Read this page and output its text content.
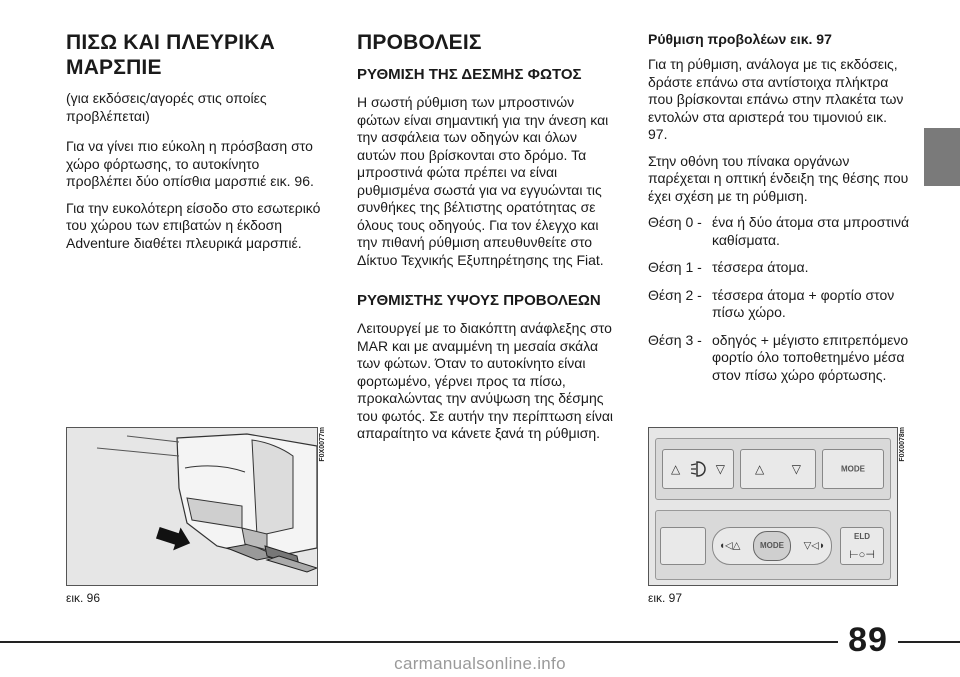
ΠΙΣΩ ΚΑΙ ΠΛΕΥΡΙΚΑ ΜΑΡΣΠΙΕ

(για εκδόσεις/αγορές στις οποίες προβλέπεται)

Για να γίνει πιο εύκολη η πρόσβαση στο χώρο φόρτωσης, το αυτοκίνητο προβλέπει δύο οπίσθια μαρσπιέ εικ. 96.

Για την ευκολότερη είσοδο στο εσωτερικό του χώρου των επιβατών η έκδοση Adventure διαθέτει πλευρικά μαρσπιέ.

ΠΡΟΒΟΛΕΙΣ
ΡΥΘΜΙΣΗ ΤΗΣ ΔΕΣΜΗΣ ΦΩΤΟΣ

Η σωστή ρύθμιση των μπροστινών φώτων είναι σημαντική για την άνεση και την ασφάλεια των οδηγών και όλων αυτών που βρίσκονται στο δρόμο. Τα μπροστινά φώτα πρέπει να είναι ρυθμισμένα σωστά για να εγγυώνται τις συνθήκες της βέλτιστης ορατότητας σε όλους τους οδηγούς. Για τον έλεγχο και την πιθανή ρύθμιση απευθυνθείτε στο Δίκτυο Τεχνικής Εξυπηρέτησης της Fiat.

ΡΥΘΜΙΣΤΗΣ ΥΨΟΥΣ ΠΡΟΒΟΛΕΩΝ

Λειτουργεί με το διακόπτη ανάφλεξης στο MAR και με αναμμένη τη μεσαία σκάλα των φώτων. Όταν το αυτοκίνητο είναι φορτωμένο, γέρνει προς τα πίσω, προκαλώντας την ανύψωση της δέσμης του φωτός. Σε αυτήν την περίπτωση είναι απαραίτητο να κάνετε ξανά τη ρύθμιση.

Ρύθμιση προβολέων εικ. 97

Για τη ρύθμιση, ανάλογα με τις εκδόσεις, δράστε επάνω στα αντίστοιχα πλήκτρα που βρίσκονται επάνω στην πλακέτα των εντολών στα αριστερά του τιμονιού εικ. 97.

Στην οθόνη του πίνακα οργάνων παρέχεται η οπτική ένδειξη της θέσης που έχει σχέση με τη ρύθμιση.

Θέση 0 - ένα ή δύο άτομα στα μπροστινά καθίσματα.
Θέση 1 - τέσσερα άτομα.
Θέση 2 - τέσσερα άτομα + φορτίο στον πίσω χώρο.
Θέση 3 - οδηγός + μέγιστο επιτρεπόμενο φορτίο όλο τοποθετημένο μέσα στον πίσω χώρο φόρτωσης.
F0X0077m
εικ. 96
△	▽	△ ▽	MODE
◖◁△	MODE	▽◁◗
ELD
⊢○⊣
F0X0078m
εικ. 97
89
carmanualsonline.info
